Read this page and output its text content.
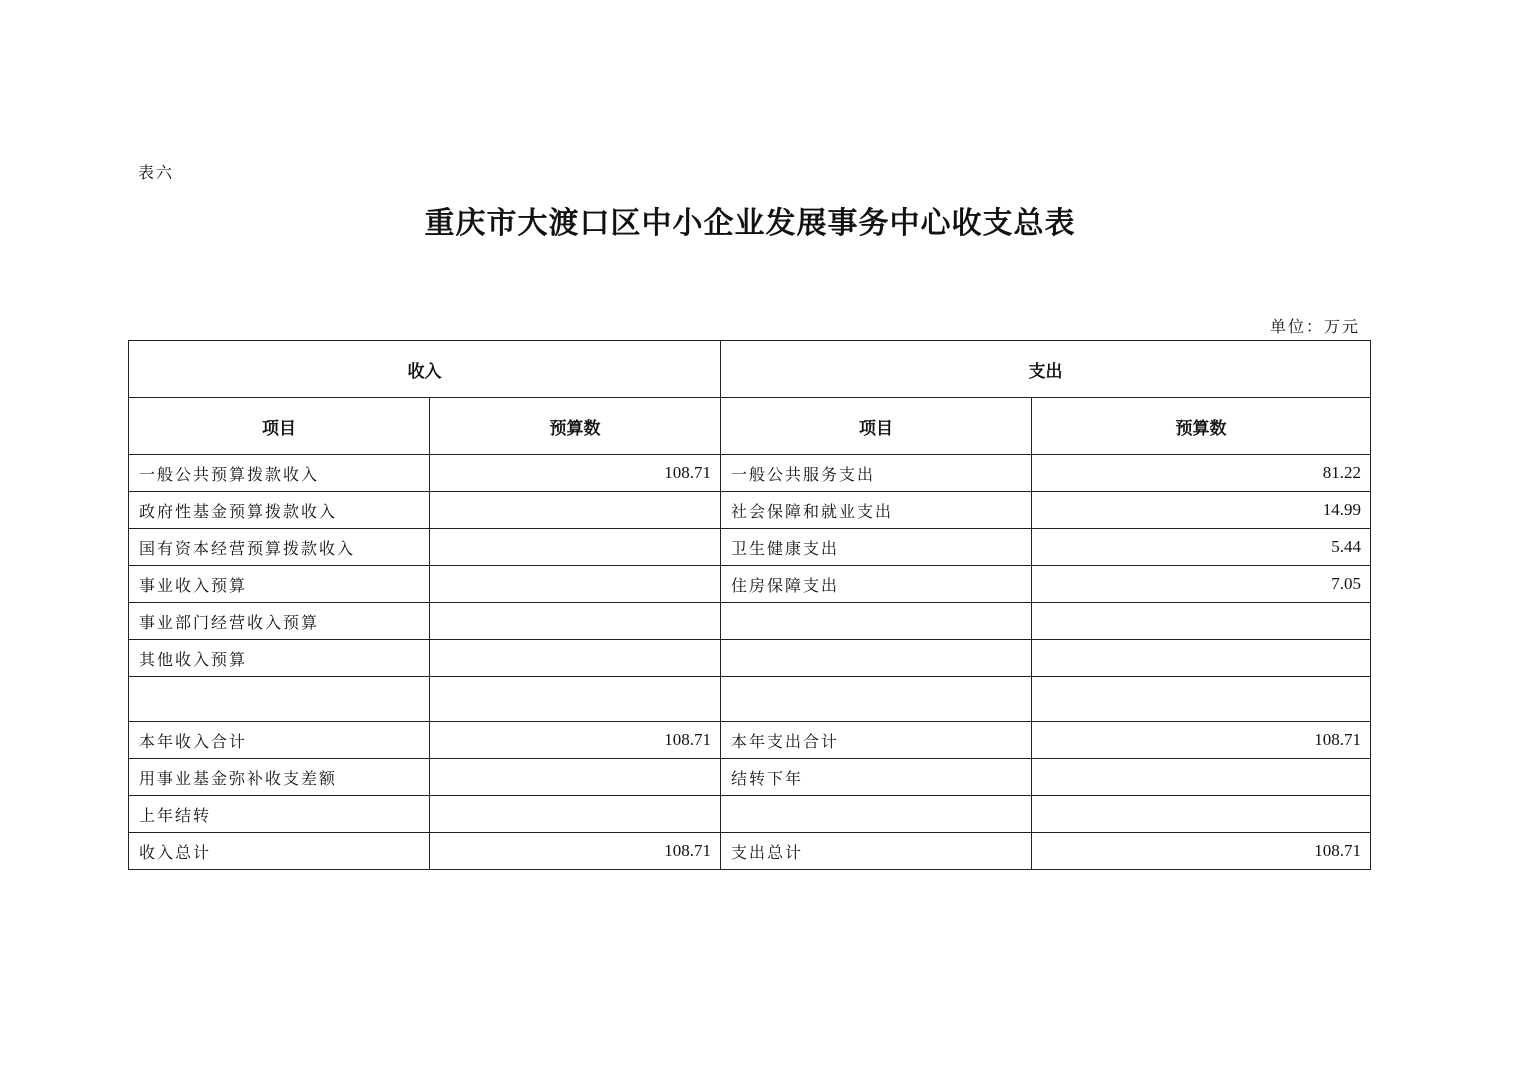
表六
重庆市大渡口区中小企业发展事务中心收支总表
单位：万元
收入		支出	
项目	预算数	项目	预算数
一般公共预算拨款收入	108.71	一般公共服务支出	81.22
政府性基金预算拨款收入		社会保障和就业支出	14.99
国有资本经营预算拨款收入		卫生健康支出	5.44
事业收入预算		住房保障支出	7.05
事业部门经营收入预算			
其他收入预算			

本年收入合计	108.71	本年支出合计	108.71
用事业基金弥补收支差额		结转下年	
上年结转			
收入总计	108.71	支出总计	108.71
